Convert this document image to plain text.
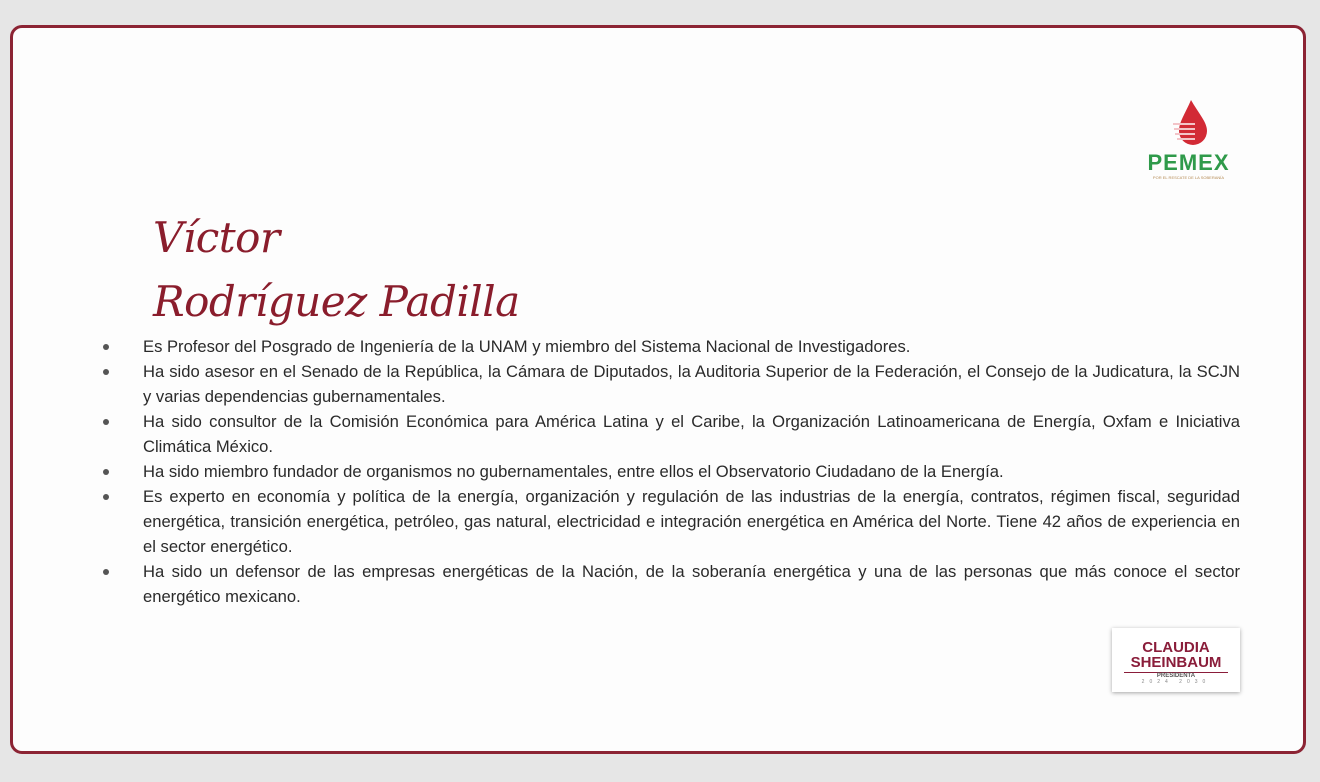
PEMEX
POR EL RESCATE DE LA SOBERANÍA
Víctor
Rodríguez Padilla
Es Profesor del Posgrado de Ingeniería de la UNAM y miembro del Sistema Nacional de Investigadores.
Ha sido asesor en el Senado de la República, la Cámara de Diputados, la Auditoria Superior de la Federación, el Consejo de la Judicatura, la SCJN y varias dependencias gubernamentales.
Ha sido consultor de la Comisión Económica para América Latina y el Caribe, la Organización Latinoamericana de Energía, Oxfam e Iniciativa Climática México.
Ha sido miembro fundador de organismos no gubernamentales, entre ellos el Observatorio Ciudadano de la Energía.
Es experto en economía y política de la energía, organización y regulación de las industrias de la energía, contratos, régimen fiscal, seguridad energética, transición energética, petróleo, gas natural, electricidad e integración energética en América del Norte. Tiene 42 años de experiencia en el sector energético.
Ha sido un defensor de las empresas energéticas de la Nación, de la soberanía energética y una de las personas que más conoce el sector energético mexicano.
CLAUDIA
SHEINBAUM
PRESIDENTA
2024 2030
